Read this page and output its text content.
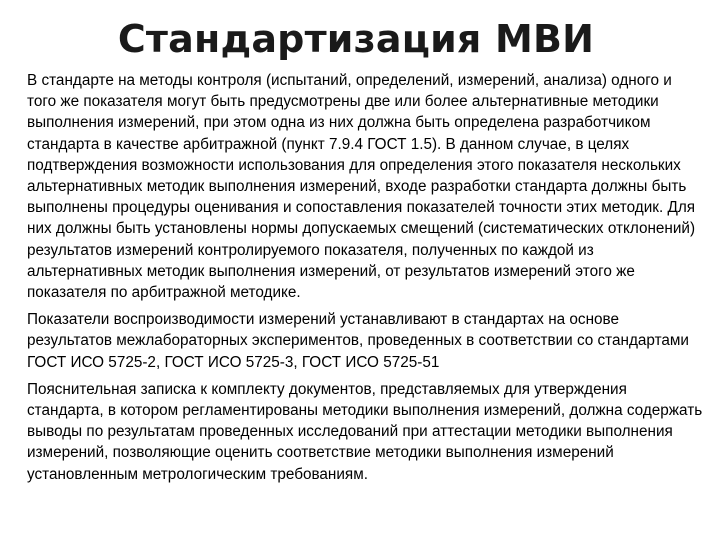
Стандартизация МВИ

В стандарте на методы контроля (испытаний, определений, измерений, анализа) одного и того же показателя могут быть предусмотрены две или более альтернативные методики выполнения измерений, при этом одна из них должна быть определена разработчиком стандарта в качестве арбитражной (пункт 7.9.4 ГОСТ 1.5). В данном случае, в целях подтверждения возможности использования для определения этого показателя нескольких альтернативных методик выполнения измерений, входе разработки стандарта должны быть выполнены процедуры оценивания и сопоставления показателей точности этих методик. Для них должны быть установлены нормы допускаемых смещений (систематических отклонений) результатов измерений контролируемого показателя, полученных по каждой из альтернативных методик выполнения измерений, от результатов измерений этого же показателя по арбитражной методике.

Показатели воспроизводимости измерений устанавливают в стандартах на основе результатов межлабораторных экспериментов, проведенных в соответствии со стандартами ГОСТ ИСО 5725-2, ГОСТ ИСО 5725-3, ГОСТ ИСО 5725-51

Пояснительная записка к комплекту документов, представляемых для утверждения стандарта, в котором регламентированы методики выполнения измерений, должна содержать выводы по результатам проведенных исследований при аттестации методики выполнения измерений, позволяющие оценить соответствие методики выполнения измерений установленным метрологическим требованиям.
